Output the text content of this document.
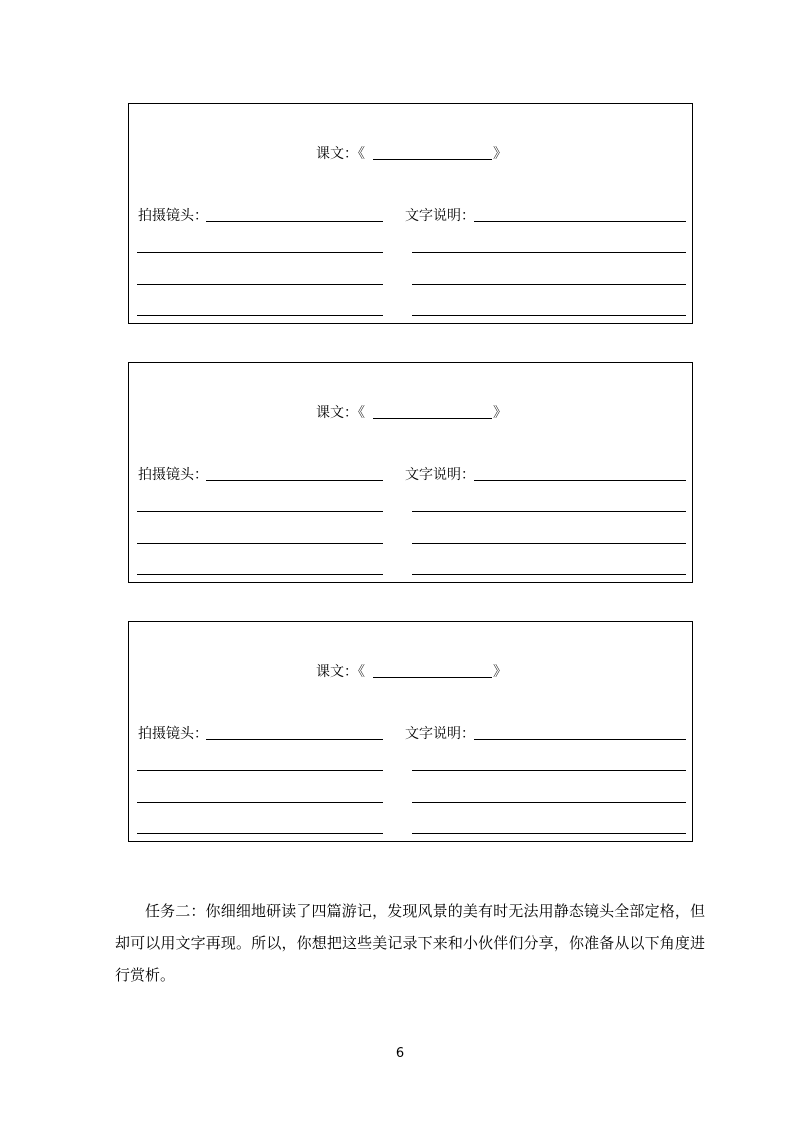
课文：《	》
拍摄镜头：	文字说明：
课文：《	》
拍摄镜头：	文字说明：
课文：《	》
拍摄镜头：	文字说明：

任务二：你细细地研读了四篇游记，发现风景的美有时无法用静态镜头全部定格，但却可以用文字再现。所以，你想把这些美记录下来和小伙伴们分享，你准备从以下角度进行赏析。

6
